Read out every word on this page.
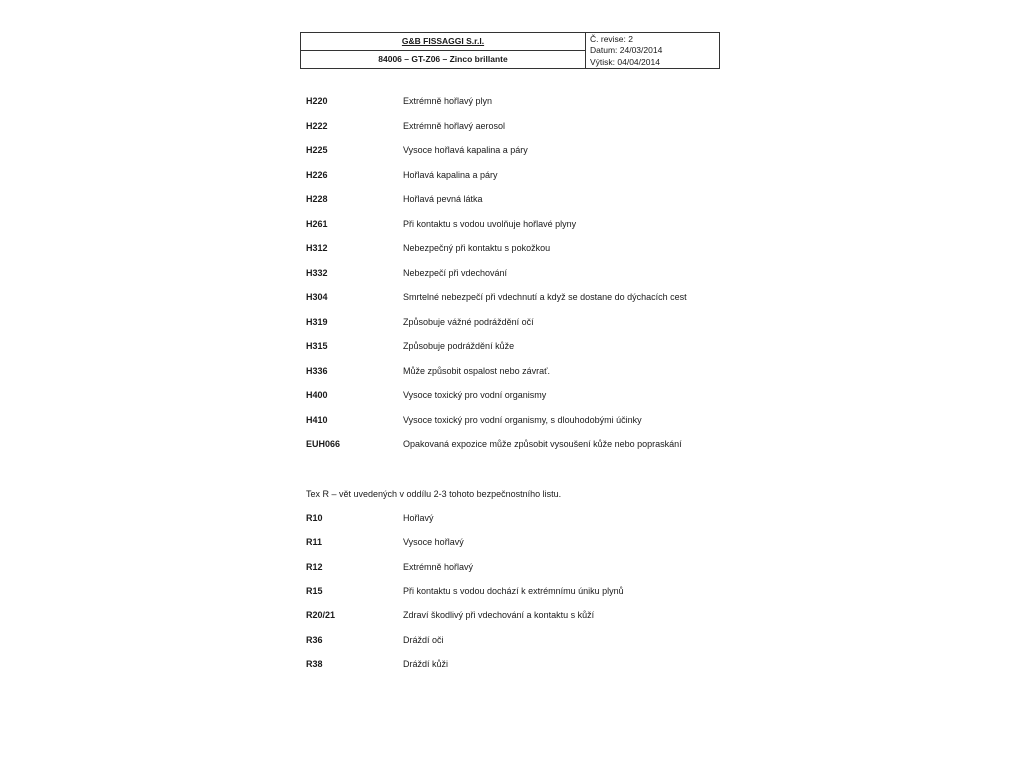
G&B FISSAGGI S.r.l.
84006 – GT-Z06 – Zinco brillante
Č. revise: 2
Datum: 24/03/2014
Výtisk: 04/04/2014
H220	Extrémně hořlavý plyn
H222	Extrémně hořlavý aerosol
H225	Vysoce hořlavá kapalina a páry
H226	Hořlavá kapalina a páry
H228	Hořlavá pevná látka
H261	Při kontaktu s vodou uvolňuje hořlavé plyny
H312	Nebezpečný při kontaktu s pokožkou
H332	Nebezpečí při vdechování
H304	Smrtelné nebezpečí při vdechnutí a když se dostane do dýchacích cest
H319	Způsobuje vážné podráždění očí
H315	Způsobuje podráždění kůže
H336	Může způsobit ospalost nebo závrať.
H400	Vysoce toxický pro vodní organismy
H410	Vysoce toxický pro vodní organismy, s dlouhodobými účinky
EUH066	Opakovaná expozice může způsobit vysoušení kůže nebo popraskání
Tex R – vět uvedených v oddílu 2-3 tohoto bezpečnostního listu.
R10	Hořlavý
R11	Vysoce hořlavý
R12	Extrémně hořlavý
R15	Při kontaktu s vodou dochází k extrémnímu úniku plynů
R20/21	Zdraví škodlivý při vdechování a kontaktu s kůží
R36	Dráždí oči
R38	Dráždí kůži
